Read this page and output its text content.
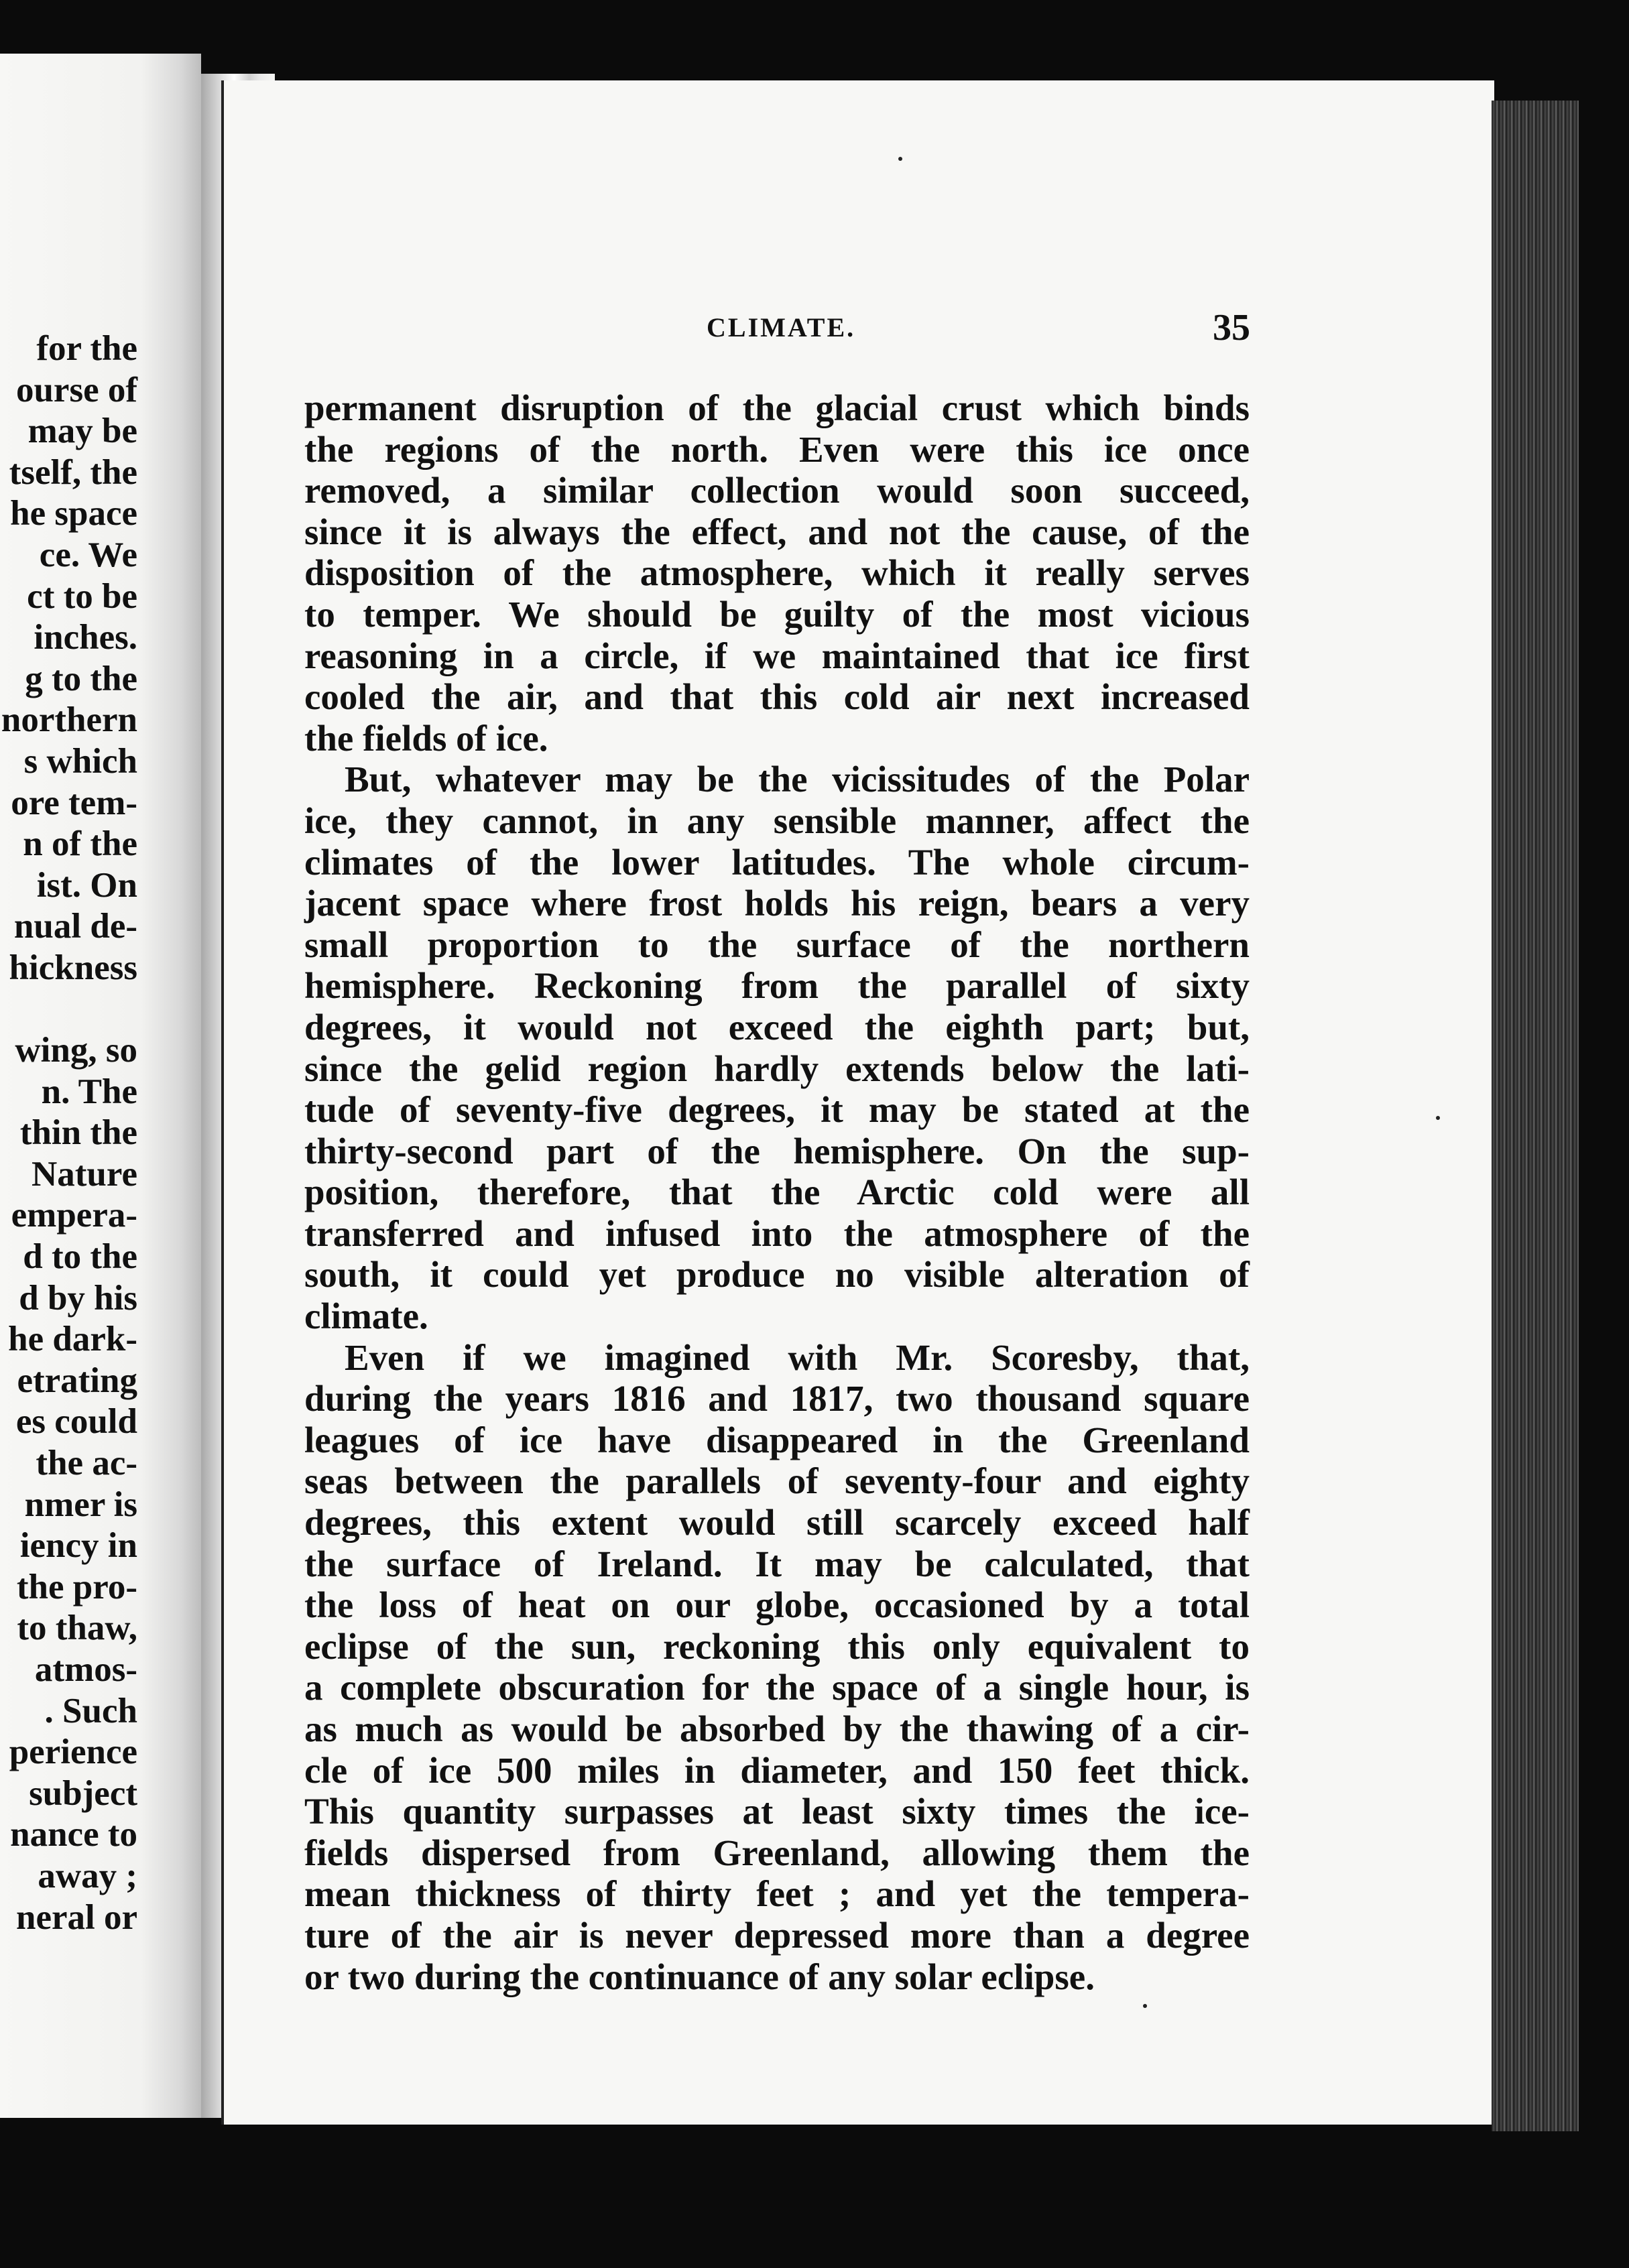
for the
ourse of
may be
tself, the
he space
ce. We
ct to be
inches.
g to the
northern
s which
ore tem-
n of the
ist. On
nual de-
hickness
wing, so
n. The
thin the
Nature
empera-
d to the
d by his
he dark-
etrating
es could
the ac-
nmer is
iency in
the pro-
to thaw,
atmos-
. Such
perience
subject
nance to
away ;
neral or
CLIMATE.	35

permanent disruption of the glacial crust which binds

the regions of the north. Even were this ice once

removed, a similar collection would soon succeed,

since it is always the effect, and not the cause, of the

disposition of the atmosphere, which it really serves

to temper. We should be guilty of the most vicious

reasoning in a circle, if we maintained that ice first

cooled the air, and that this cold air next increased

the fields of ice.

But, whatever may be the vicissitudes of the Polar

ice, they cannot, in any sensible manner, affect the

climates of the lower latitudes. The whole circum-

jacent space where frost holds his reign, bears a very

small proportion to the surface of the northern

hemisphere. Reckoning from the parallel of sixty

degrees, it would not exceed the eighth part; but,

since the gelid region hardly extends below the lati-

tude of seventy-five degrees, it may be stated at the

thirty-second part of the hemisphere. On the sup-

position, therefore, that the Arctic cold were all

transferred and infused into the atmosphere of the

south, it could yet produce no visible alteration of

climate.

Even if we imagined with Mr. Scoresby, that,

during the years 1816 and 1817, two thousand square

leagues of ice have disappeared in the Greenland

seas between the parallels of seventy-four and eighty

degrees, this extent would still scarcely exceed half

the surface of Ireland. It may be calculated, that

the loss of heat on our globe, occasioned by a total

eclipse of the sun, reckoning this only equivalent to

a complete obscuration for the space of a single hour, is

as much as would be absorbed by the thawing of a cir-

cle of ice 500 miles in diameter, and 150 feet thick.

This quantity surpasses at least sixty times the ice-

fields dispersed from Greenland, allowing them the

mean thickness of thirty feet ; and yet the tempera-

ture of the air is never depressed more than a degree

or two during the continuance of any solar eclipse.
